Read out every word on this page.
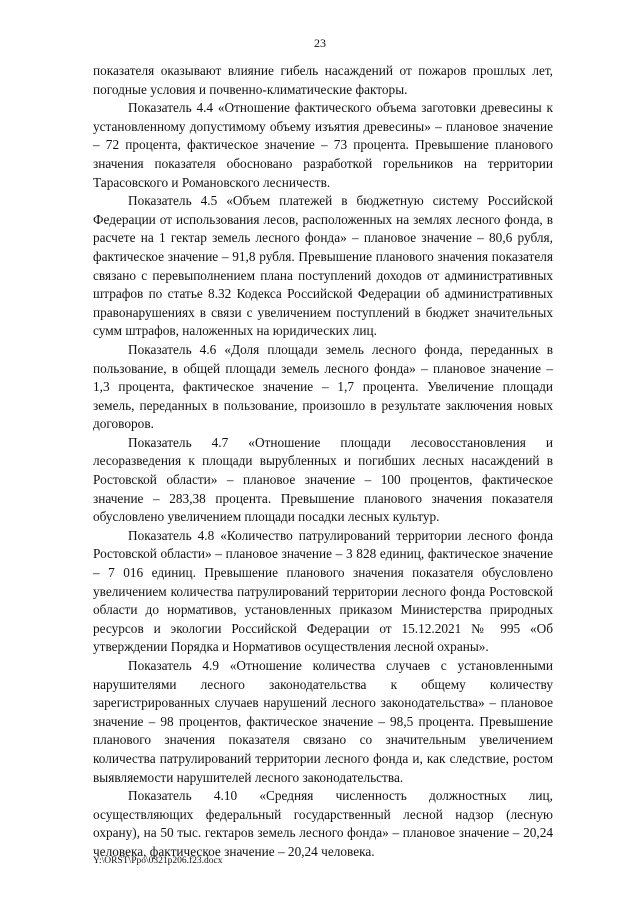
23

показателя оказывают влияние гибель насаждений от пожаров прошлых лет, погодные условия и почвенно-климатические факторы.

Показатель 4.4 «Отношение фактического объема заготовки древесины к установленному допустимому объему изъятия древесины» – плановое значение – 72 процента, фактическое значение – 73 процента. Превышение планового значения показателя обосновано разработкой горельников на территории Тарасовского и Романовского лесничеств.

Показатель 4.5 «Объем платежей в бюджетную систему Российской Федерации от использования лесов, расположенных на землях лесного фонда, в расчете на 1 гектар земель лесного фонда» – плановое значение – 80,6 рубля, фактическое значение – 91,8 рубля. Превышение планового значения показателя связано с перевыполнением плана поступлений доходов от административных штрафов по статье 8.32 Кодекса Российской Федерации об административных правонарушениях в связи с увеличением поступлений в бюджет значительных сумм штрафов, наложенных на юридических лиц.

Показатель 4.6 «Доля площади земель лесного фонда, переданных в пользование, в общей площади земель лесного фонда» – плановое значение – 1,3 процента, фактическое значение – 1,7 процента. Увеличение площади земель, переданных в пользование, произошло в результате заключения новых договоров.

Показатель 4.7 «Отношение площади лесовосстановления и лесоразведения к площади вырубленных и погибших лесных насаждений в Ростовской области» – плановое значение – 100 процентов, фактическое значение – 283,38 процента. Превышение планового значения показателя обусловлено увеличением площади посадки лесных культур.

Показатель 4.8 «Количество патрулирований территории лесного фонда Ростовской области» – плановое значение – 3 828 единиц, фактическое значение – 7 016 единиц. Превышение планового значения показателя обусловлено увеличением количества патрулирований территории лесного фонда Ростовской области до нормативов, установленных приказом Министерства природных ресурсов и экологии Российской Федерации от 15.12.2021 № 995 «Об утверждении Порядка и Нормативов осуществления лесной охраны».

Показатель 4.9 «Отношение количества случаев с установленными нарушителями лесного законодательства к общему количеству зарегистрированных случаев нарушений лесного законодательства» – плановое значение – 98 процентов, фактическое значение – 98,5 процента. Превышение планового значения показателя связано со значительным увеличением количества патрулирований территории лесного фонда и, как следствие, ростом выявляемости нарушителей лесного законодательства.

Показатель 4.10 «Средняя численность должностных лиц, осуществляющих федеральный государственный лесной надзор (лесную охрану), на 50 тыс. гектаров земель лесного фонда» – плановое значение – 20,24 человека, фактическое значение – 20,24 человека.

Y:\ORST\Ppo\0321p206.f23.docx
